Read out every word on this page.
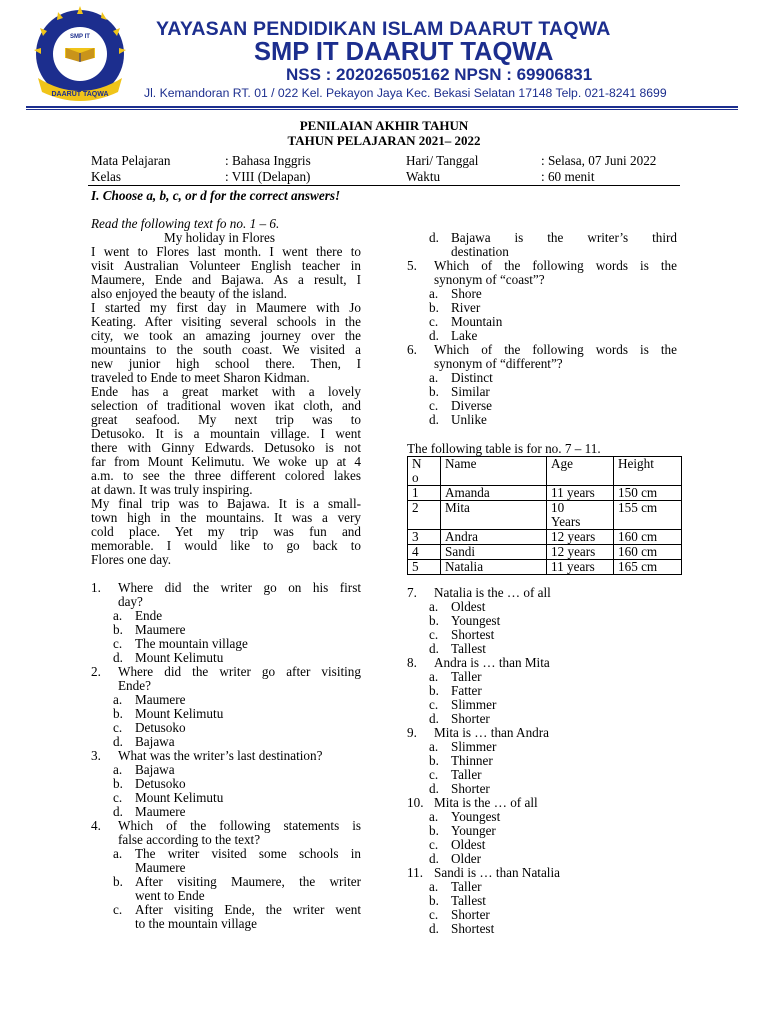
SMP IT
DAARUT TAQWA
YAYASAN PENDIDIKAN ISLAM DAARUT TAQWA
SMP IT DAARUT TAQWA
NSS : 202026505162 NPSN : 69906831
Jl. Kemandoran RT. 01 / 022 Kel. Pekayon Jaya Kec. Bekasi Selatan 17148 Telp. 021-8241 8699
PENILAIAN AKHIR TAHUN
TAHUN PELAJARAN 2021– 2022
Mata Pelajaran	: Bahasa Inggris	Hari/ Tanggal	: Selasa, 07 Juni 2022
Kelas	: VIII (Delapan)	Waktu	: 60 menit
I. Choose a, b, c, or d for the correct answers!
Read the following text fo no. 1 – 6.
My holiday in Flores
I went to Flores last month. I went there to
visit Australian Volunteer English teacher in
Maumere, Ende and Bajawa. As a result, I
also enjoyed the beauty of the island.
I started my first day in Maumere with Jo
Keating. After visiting several schools in the
city, we took an amazing journey over the
mountains to the south coast. We visited a
new junior high school there. Then, I
traveled to Ende to meet Sharon Kidman.
Ende has a great market with a lovely
selection of traditional woven ikat cloth, and
great seafood. My next trip was to
Detusoko. It is a mountain village. I went
there with Ginny Edwards. Detusoko is not
far from Mount Kelimutu. We woke up at 4
a.m. to see the three different colored lakes
at dawn. It was truly inspiring.
My final trip was to Bajawa. It is a small-
town high in the mountains. It was a very
cold place. Yet my trip was fun and
memorable. I would like to go back to
Flores one day.
1. Where did the writer go on his first
day?
a. Ende
b. Maumere
c. The mountain village
d. Mount Kelimutu
2. Where did the writer go after visiting
Ende?
a. Maumere
b. Mount Kelimutu
c. Detusoko
d. Bajawa
3. What was the writer’s last destination?
a. Bajawa
b. Detusoko
c. Mount Kelimutu
d. Maumere
4. Which of the following statements is
false according to the text?
a. The writer visited some schools in
Maumere
b. After visiting Maumere, the writer
went to Ende
c. After visiting Ende, the writer went
to the mountain village
d. Bajawa is the writer’s third
destination
5. Which of the following words is the
synonym of “coast”?
a. Shore
b. River
c. Mountain
d. Lake
6. Which of the following words is the
synonym of “different”?
a. Distinct
b. Similar
c. Diverse
d. Unlike
7. Natalia is the … of all
a. Oldest
b. Youngest
c. Shortest
d. Tallest
8. Andra is … than Mita
a. Taller
b. Fatter
c. Slimmer
d. Shorter
9. Mita is … than Andra
a. Slimmer
b. Thinner
c. Taller
d. Shorter
10. Mita is the … of all
a. Youngest
b. Younger
c. Oldest
d. Older
11. Sandi is … than Natalia
a. Taller
b. Tallest
c. Shorter
d. Shortest
The following table is for no. 7 – 11.
N
o	Name	Age	Height
1	Amanda	11 years	150 cm
2	Mita	10
Years	155 cm
3	Andra	12 years	160 cm
4	Sandi	12 years	160 cm
5	Natalia	11 years	165 cm
